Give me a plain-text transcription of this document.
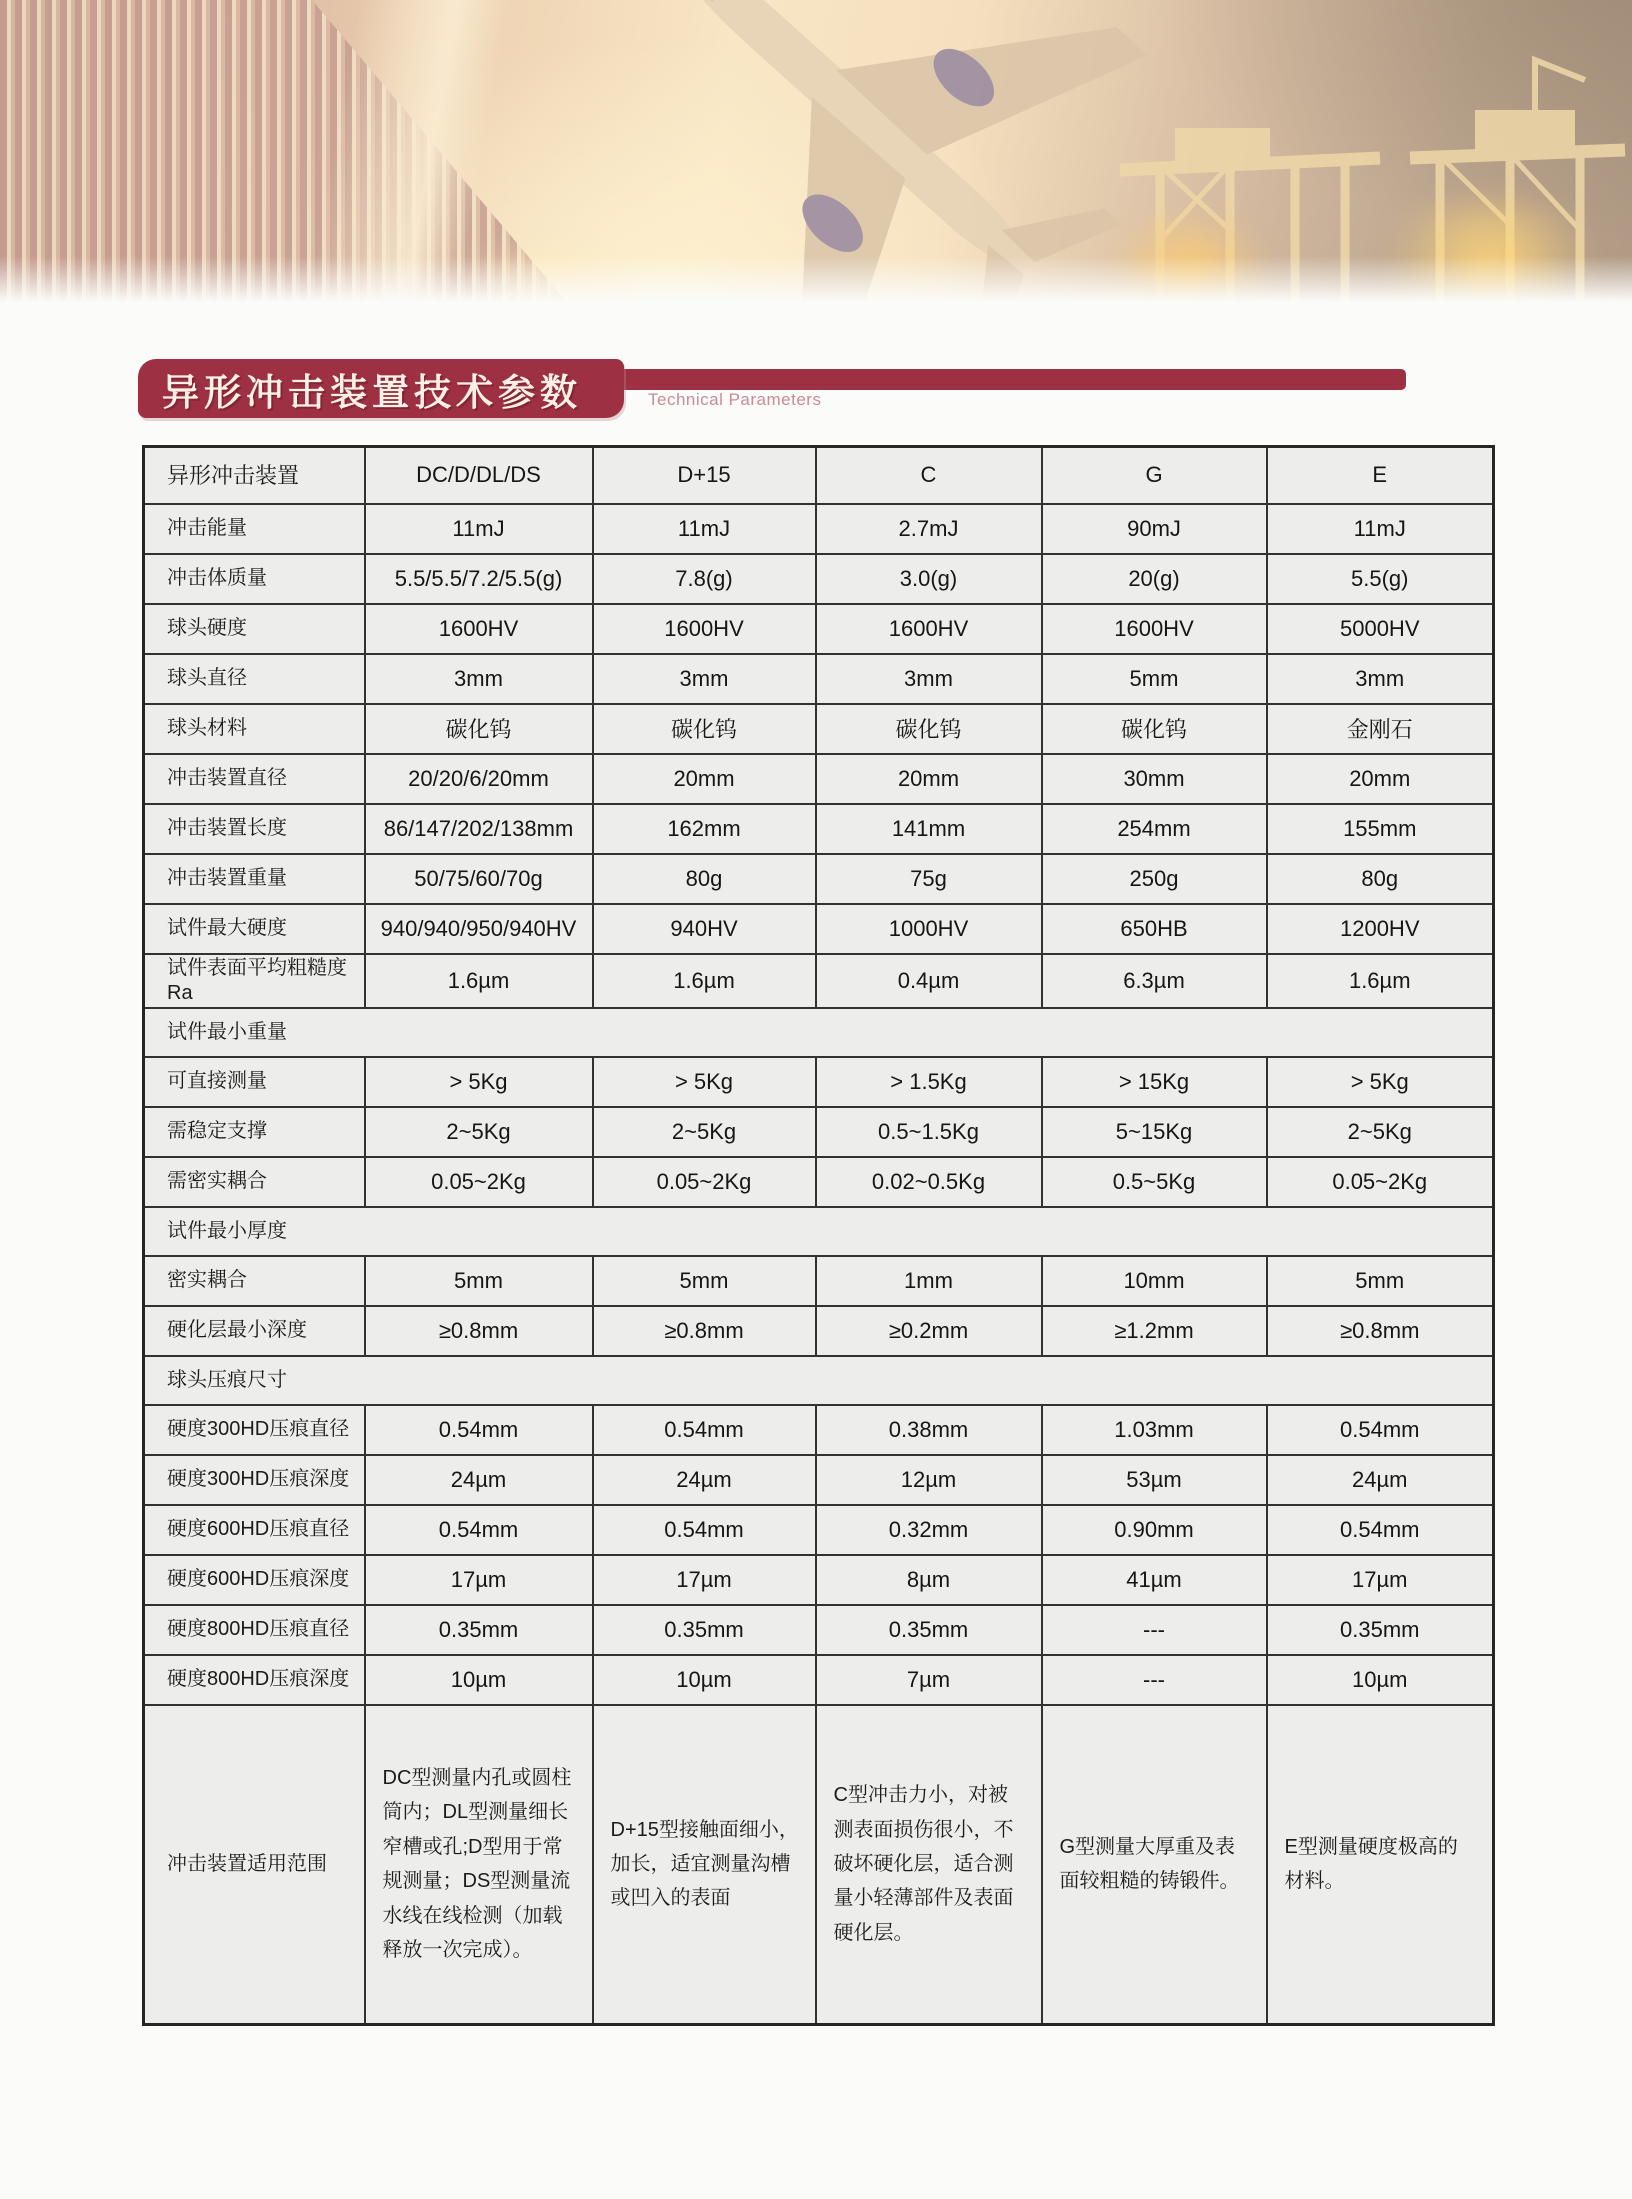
异形冲击装置技术参数	Technical Parameters
异形冲击装置	DC/D/DL/DS	D+15	C	G	E
冲击能量	11mJ	11mJ	2.7mJ	90mJ	11mJ
冲击体质量	5.5/5.5/7.2/5.5(g)	7.8(g)	3.0(g)	20(g)	5.5(g)
球头硬度	1600HV	1600HV	1600HV	1600HV	5000HV
球头直径	3mm	3mm	3mm	5mm	3mm
球头材料	碳化钨	碳化钨	碳化钨	碳化钨	金刚石
冲击装置直径	20/20/6/20mm	20mm	20mm	30mm	20mm
冲击装置长度	86/147/202/138mm	162mm	141mm	254mm	155mm
冲击装置重量	50/75/60/70g	80g	75g	250g	80g
试件最大硬度	940/940/950/940HV	940HV	1000HV	650HB	1200HV
试件表面平均粗糙度Ra	1.6µm	1.6µm	0.4µm	6.3µm	1.6µm
试件最小重量					
可直接测量	> 5Kg	> 5Kg	> 1.5Kg	> 15Kg	> 5Kg
需稳定支撑	2~5Kg	2~5Kg	0.5~1.5Kg	5~15Kg	2~5Kg
需密实耦合	0.05~2Kg	0.05~2Kg	0.02~0.5Kg	0.5~5Kg	0.05~2Kg
试件最小厚度					
密实耦合	5mm	5mm	1mm	10mm	5mm
硬化层最小深度	≥0.8mm	≥0.8mm	≥0.2mm	≥1.2mm	≥0.8mm
球头压痕尺寸					
硬度300HD压痕直径	0.54mm	0.54mm	0.38mm	1.03mm	0.54mm
硬度300HD压痕深度	24µm	24µm	12µm	53µm	24µm
硬度600HD压痕直径	0.54mm	0.54mm	0.32mm	0.90mm	0.54mm
硬度600HD压痕深度	17µm	17µm	8µm	41µm	17µm
硬度800HD压痕直径	0.35mm	0.35mm	0.35mm	---	0.35mm
硬度800HD压痕深度	10µm	10µm	7µm	---	10µm
冲击装置适用范围	DC型测量内孔或圆柱筒内；DL型测量细长窄槽或孔;D型用于常规测量；DS型测量流水线在线检测（加载释放一次完成）。	D+15型接触面细小，加长，适宜测量沟槽或凹入的表面	C型冲击力小，对被测表面损伤很小，不破坏硬化层，适合测量小轻薄部件及表面硬化层。	G型测量大厚重及表面较粗糙的铸锻件。	E型测量硬度极高的材料。
